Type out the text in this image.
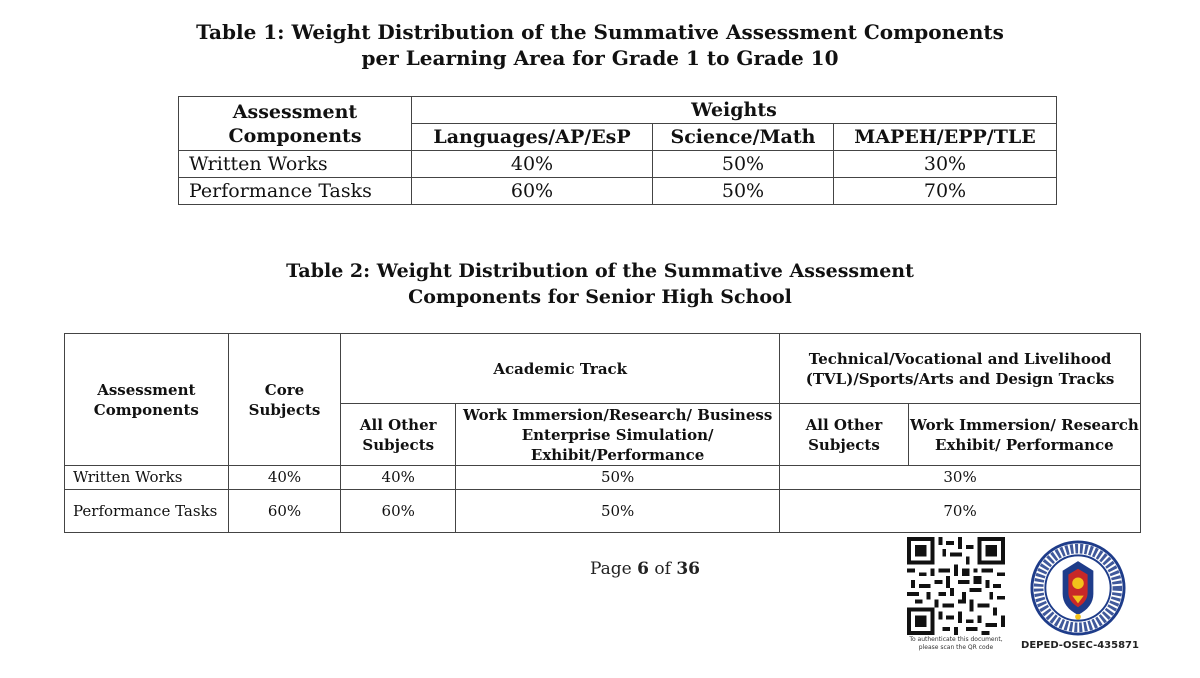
Table 1: Weight Distribution of the Summative Assessment Components
per Learning Area for Grade 1 to Grade 10
Assessment Components	Weights		
	Languages/AP/EsP	Science/Math	MAPEH/EPP/TLE
Written Works	40%	50%	30%
Performance Tasks	60%	50%	70%
Table 2: Weight Distribution of the Summative Assessment
Components for Senior High School
Assessment Components	Core Subjects	Academic Track		Technical/Vocational and Livelihood (TVL)/Sports/Arts and Design Tracks	
		All Other Subjects	Work Immersion/Research/ Business Enterprise Simulation/ Exhibit/Performance	All Other Subjects	Work Immersion/ Research Exhibit/ Performance
Written Works	40%	40%	50%	30%	
Performance Tasks	60%	60%	50%	70%	
Page 6 of 36
To authenticate this document, please scan the QR code	DEPED-OSEC-435871
